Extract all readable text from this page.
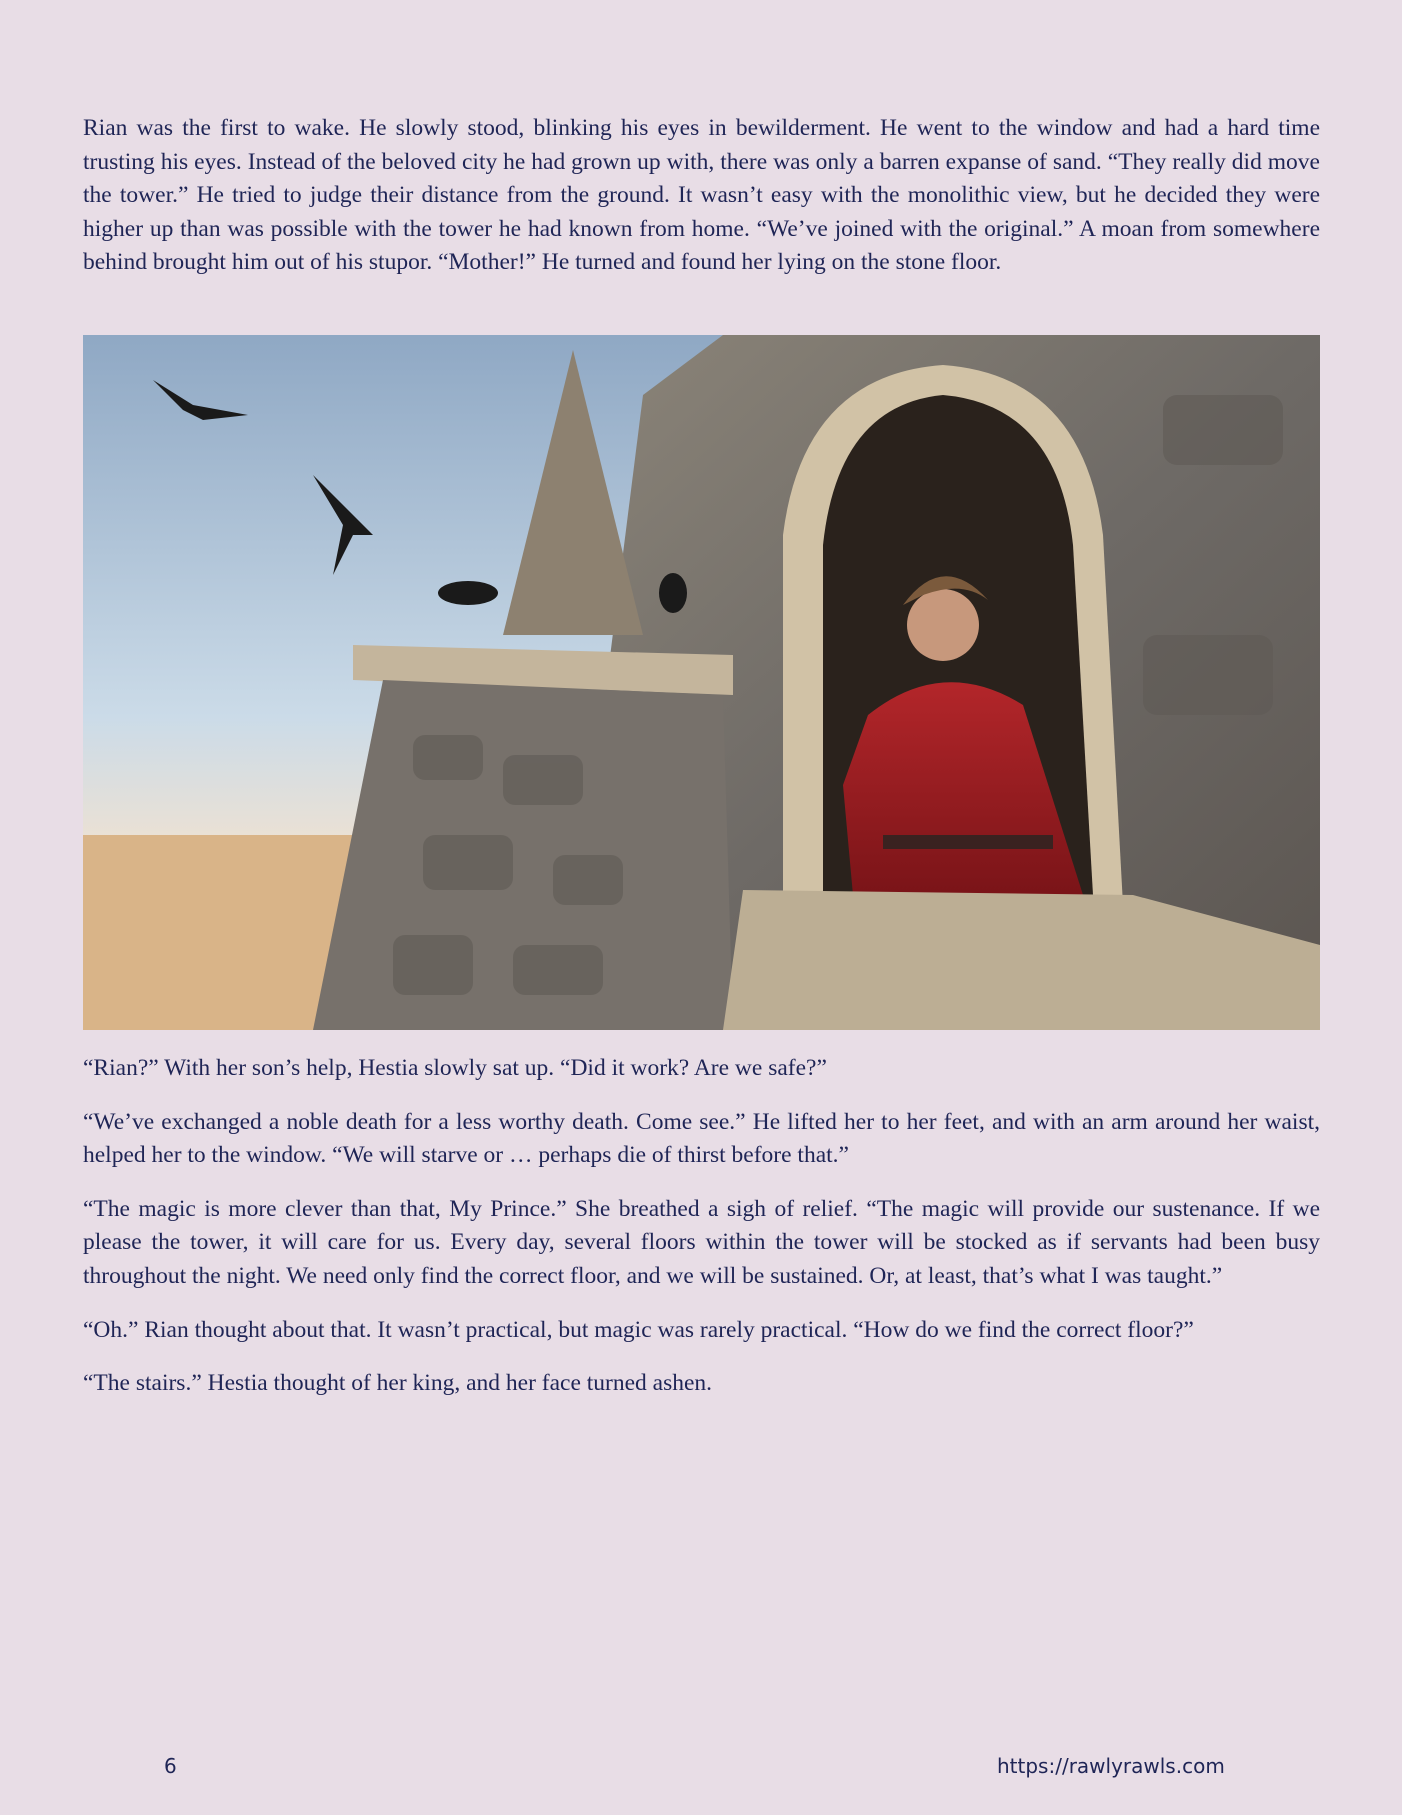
Rian was the first to wake. He slowly stood, blinking his eyes in bewilderment. He went to the window and had a hard time trusting his eyes. Instead of the beloved city he had grown up with, there was only a barren expanse of sand. “They really did move the tower.” He tried to judge their distance from the ground. It wasn’t easy with the monolithic view, but he decided they were higher up than was possible with the tower he had known from home. “We’ve joined with the original.” A moan from somewhere behind brought him out of his stupor. “Mother!” He turned and found her lying on the stone floor.

“Rian?” With her son’s help, Hestia slowly sat up. “Did it work? Are we safe?”

“We’ve exchanged a noble death for a less worthy death. Come see.” He lifted her to her feet, and with an arm around her waist, helped her to the window. “We will starve or … perhaps die of thirst before that.”

“The magic is more clever than that, My Prince.” She breathed a sigh of relief. “The magic will provide our sustenance. If we please the tower, it will care for us. Every day, several floors within the tower will be stocked as if servants had been busy throughout the night. We need only find the correct floor, and we will be sustained. Or, at least, that’s what I was taught.”

“Oh.” Rian thought about that. It wasn’t practical, but magic was rarely practical. “How do we find the correct floor?”

“The stairs.” Hestia thought of her king, and her face turned ashen.

6	https://rawlyrawls.com
